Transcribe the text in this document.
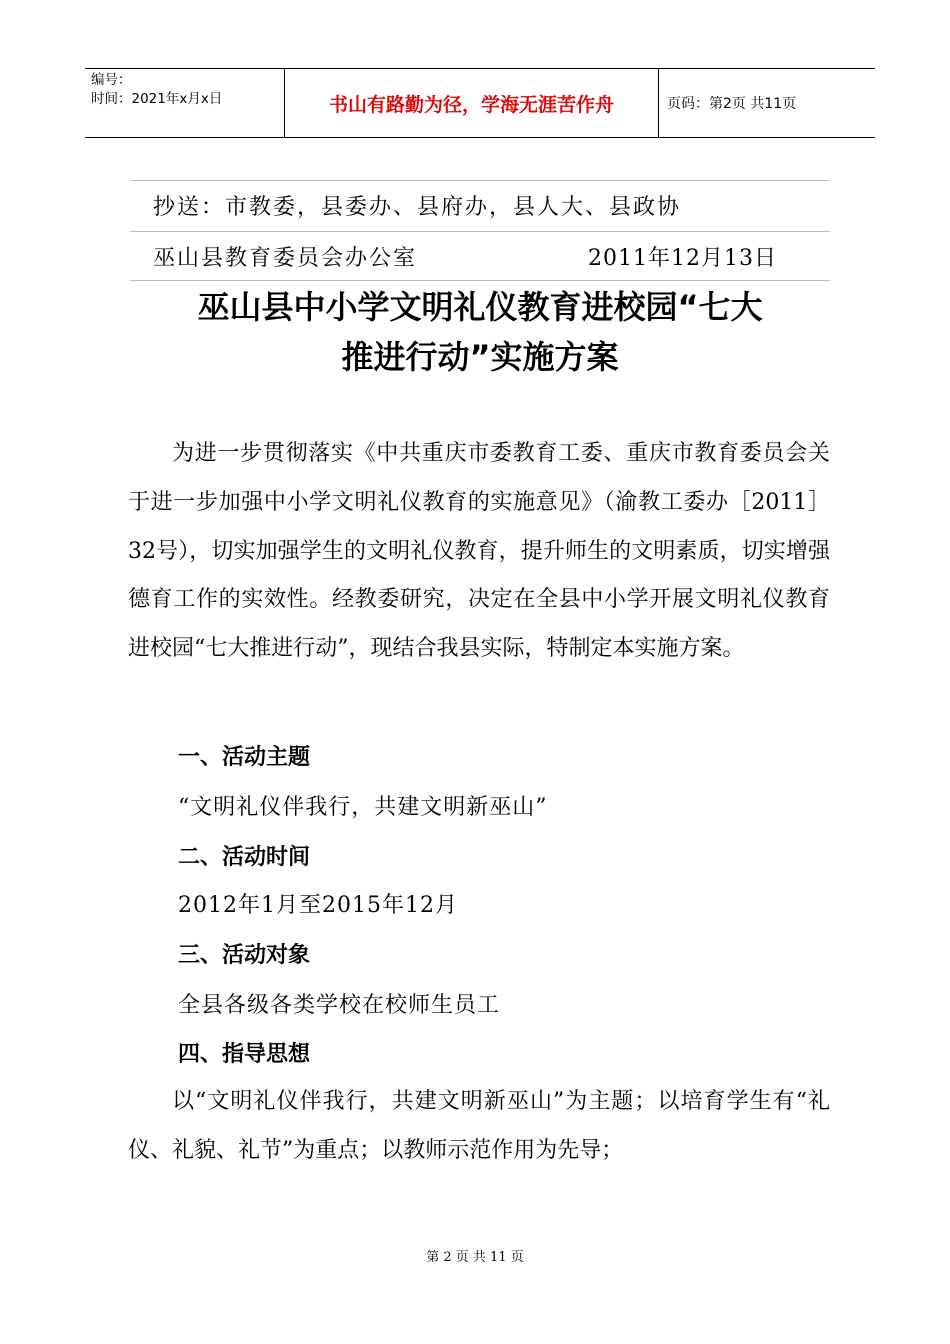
编号：
时间：2021年x月x日	书山有路勤为径，学海无涯苦作舟	页码：第2页 共11页
抄送：市教委，县委办、县府办，县人大、县政协
巫山县教育委员会办公室	2011年12月13日
巫山县中小学文明礼仪教育进校园“七大
推进行动”实施方案
为进一步贯彻落实《中共重庆市委教育工委、重庆市教育委员会关于进一步加强中小学文明礼仪教育的实施意见》（渝教工委办［2011］32号），切实加强学生的文明礼仪教育，提升师生的文明素质，切实增强德育工作的实效性。经教委研究，决定在全县中小学开展文明礼仪教育进校园“七大推进行动”，现结合我县实际，特制定本实施方案。
一、活动主题
“文明礼仪伴我行，共建文明新巫山”
二、活动时间
2012年1月至2015年12月
三、活动对象
全县各级各类学校在校师生员工
四、指导思想
以“文明礼仪伴我行，共建文明新巫山”为主题；以培育学生有“礼仪、礼貌、礼节”为重点；以教师示范作用为先导；
第 2 页 共 11 页
